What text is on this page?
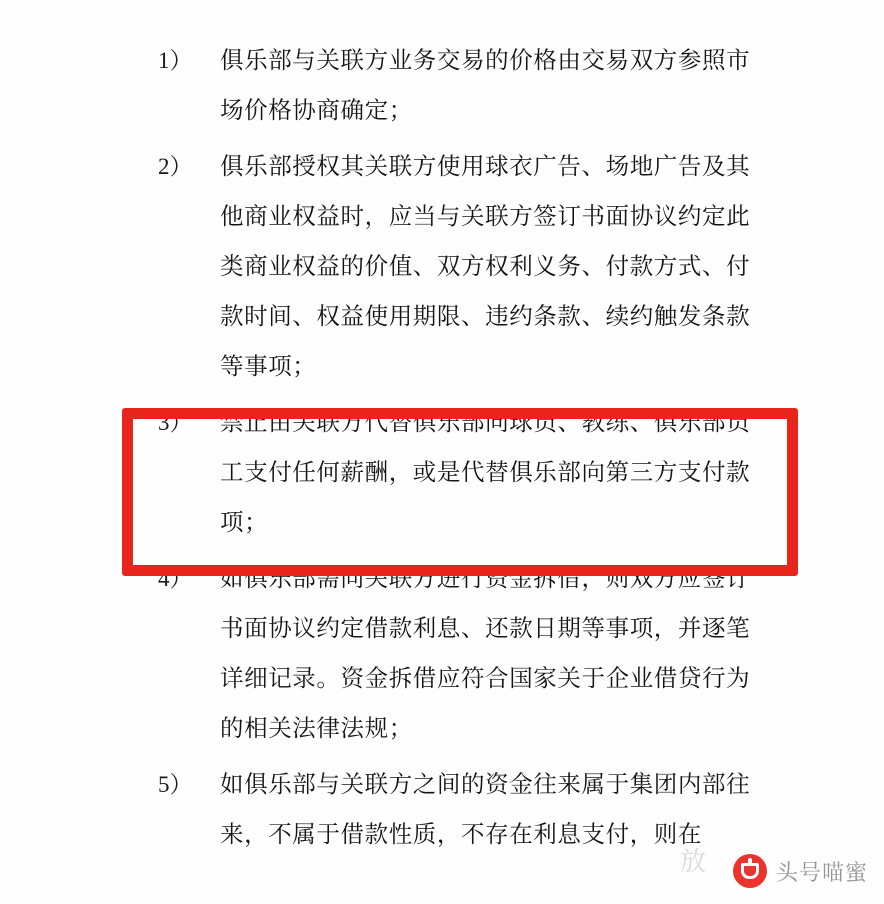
1）	俱乐部与关联方业务交易的价格由交易双方参照市
场价格协商确定；
2）	俱乐部授权其关联方使用球衣广告、场地广告及其
他商业权益时，应当与关联方签订书面协议约定此
类商业权益的价值、双方权利义务、付款方式、付
款时间、权益使用期限、违约条款、续约触发条款
等事项；
3）	禁止由关联方代替俱乐部向球员、教练、俱乐部员
工支付任何薪酬，或是代替俱乐部向第三方支付款
项；
4）	如俱乐部需向关联方进行资金拆借，则双方应签订
书面协议约定借款利息、还款日期等事项，并逐笔
详细记录。资金拆借应符合国家关于企业借贷行为
的相关法律法规；
5）	如俱乐部与关联方之间的资金往来属于集团内部往
来，不属于借款性质，不存在利息支付，则在
放	头号喵蜜
